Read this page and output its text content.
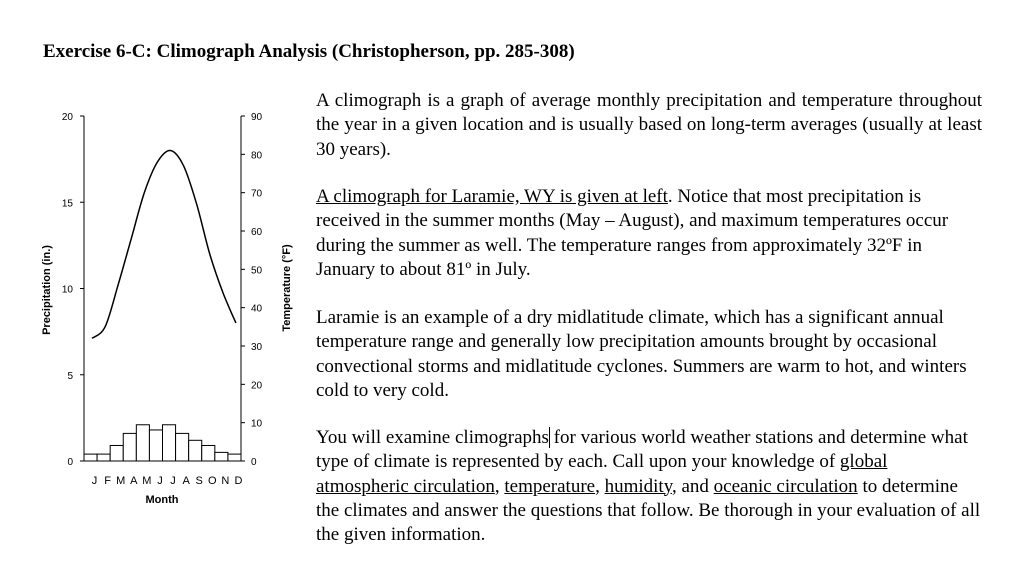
Exercise 6-C: Climograph Analysis (Christopherson, pp. 285-308)
0
5
10
15
20
0
10
20
30
40
50
60
70
80
90
J F M A M J J A S O N D
Precipitation (in.)	Temperature (°F)
Month
A climograph is a graph of average monthly precipitation and temperature throughout the year in a given location and is usually based on long-term averages (usually at least 30 years).
A climograph for Laramie, WY is given at left. Notice that most precipitation is received in the summer months (May – August), and maximum temperatures occur during the summer as well. The temperature ranges from approximately 32ºF in January to about 81º in July.
Laramie is an example of a dry midlatitude climate, which has a significant annual temperature range and generally low precipitation amounts brought by occasional convectional storms and midlatitude cyclones. Summers are warm to hot, and winters cold to very cold.
You will examine climographs for various world weather stations and determine what type of climate is represented by each. Call upon your knowledge of global atmospheric circulation, temperature, humidity, and oceanic circulation to determine the climates and answer the questions that follow. Be thorough in your evaluation of all the given information.
